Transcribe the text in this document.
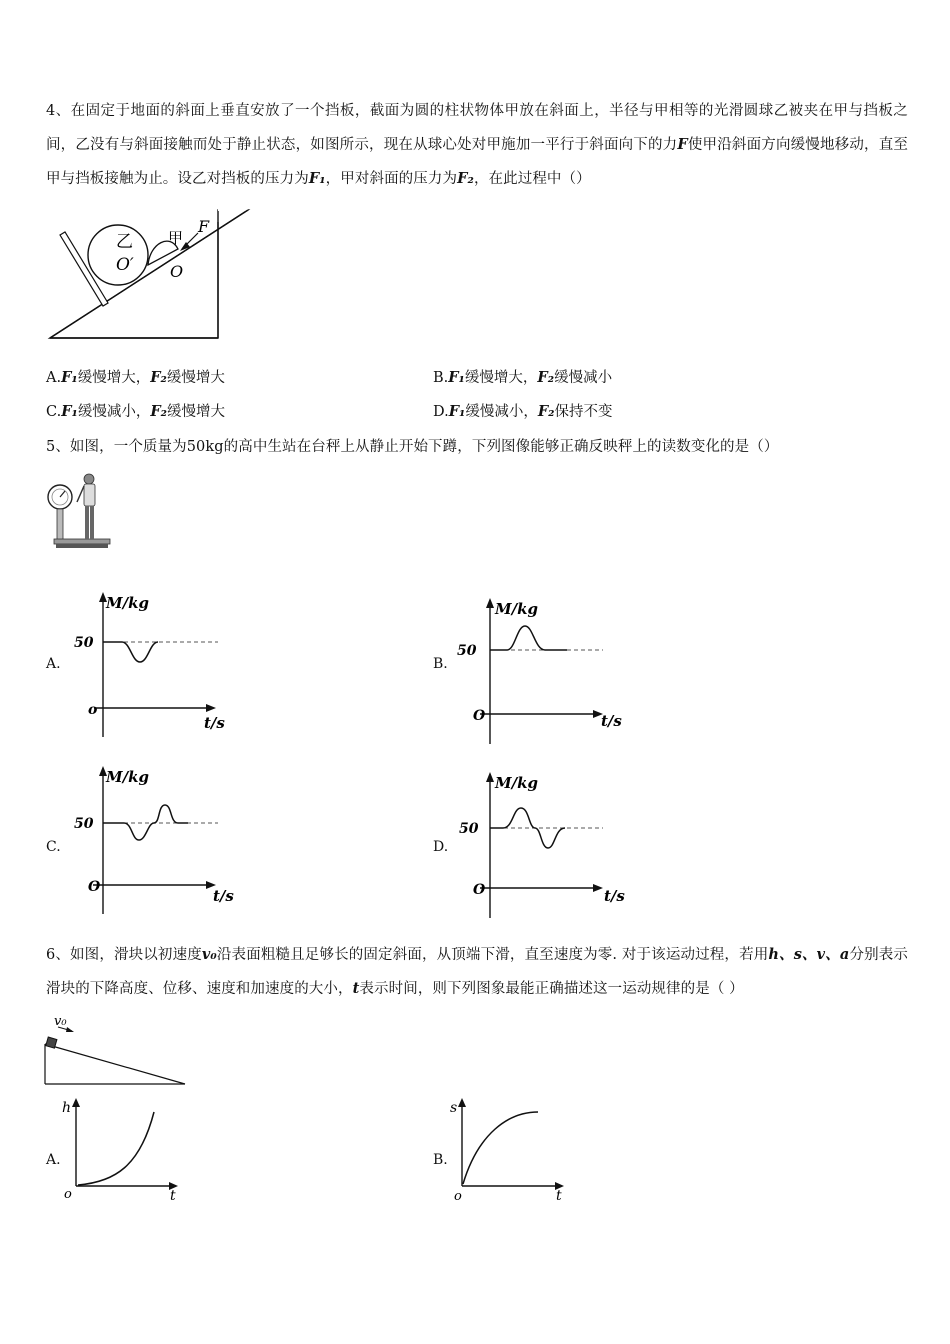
4、在固定于地面的斜面上垂直安放了一个挡板，截面为圆的柱状物体甲放在斜面上，半径与甲相等的光滑圆球乙被夹在甲与挡板之间，乙没有与斜面接触而处于静止状态，如图所示，现在从球心处对甲施加一平行于斜面向下的力F使甲沿斜面方向缓慢地移动，直至甲与挡板接触为止。设乙对挡板的压力为F₁，甲对斜面的压力为F₂，在此过程中（）
乙 甲
F
O′ O
A.F₁缓慢增大，F₂缓慢增大	B.F₁缓慢增大，F₂缓慢减小
C.F₁缓慢减小，F₂缓慢增大	D.F₁缓慢减小，F₂保持不变
5、如图，一个质量为50kg的高中生站在台秤上从静止开始下蹲，下列图像能够正确反映秤上的读数变化的是（）
A.
M/kg
50
o
t/s
B.
M/kg
50
O	t/s
C.
M/kg
50
O	t/s
D.
M/kg
50
O	t/s
6、如图，滑块以初速度v₀沿表面粗糙且足够长的固定斜面，从顶端下滑，直至速度为零. 对于该运动过程，若用h、s、v、a分别表示滑块的下降高度、位移、速度和加速度的大小，t表示时间，则下列图象最能正确描述这一运动规律的是（ ）
v₀
A.
h
o	t
B.
s
o	t
